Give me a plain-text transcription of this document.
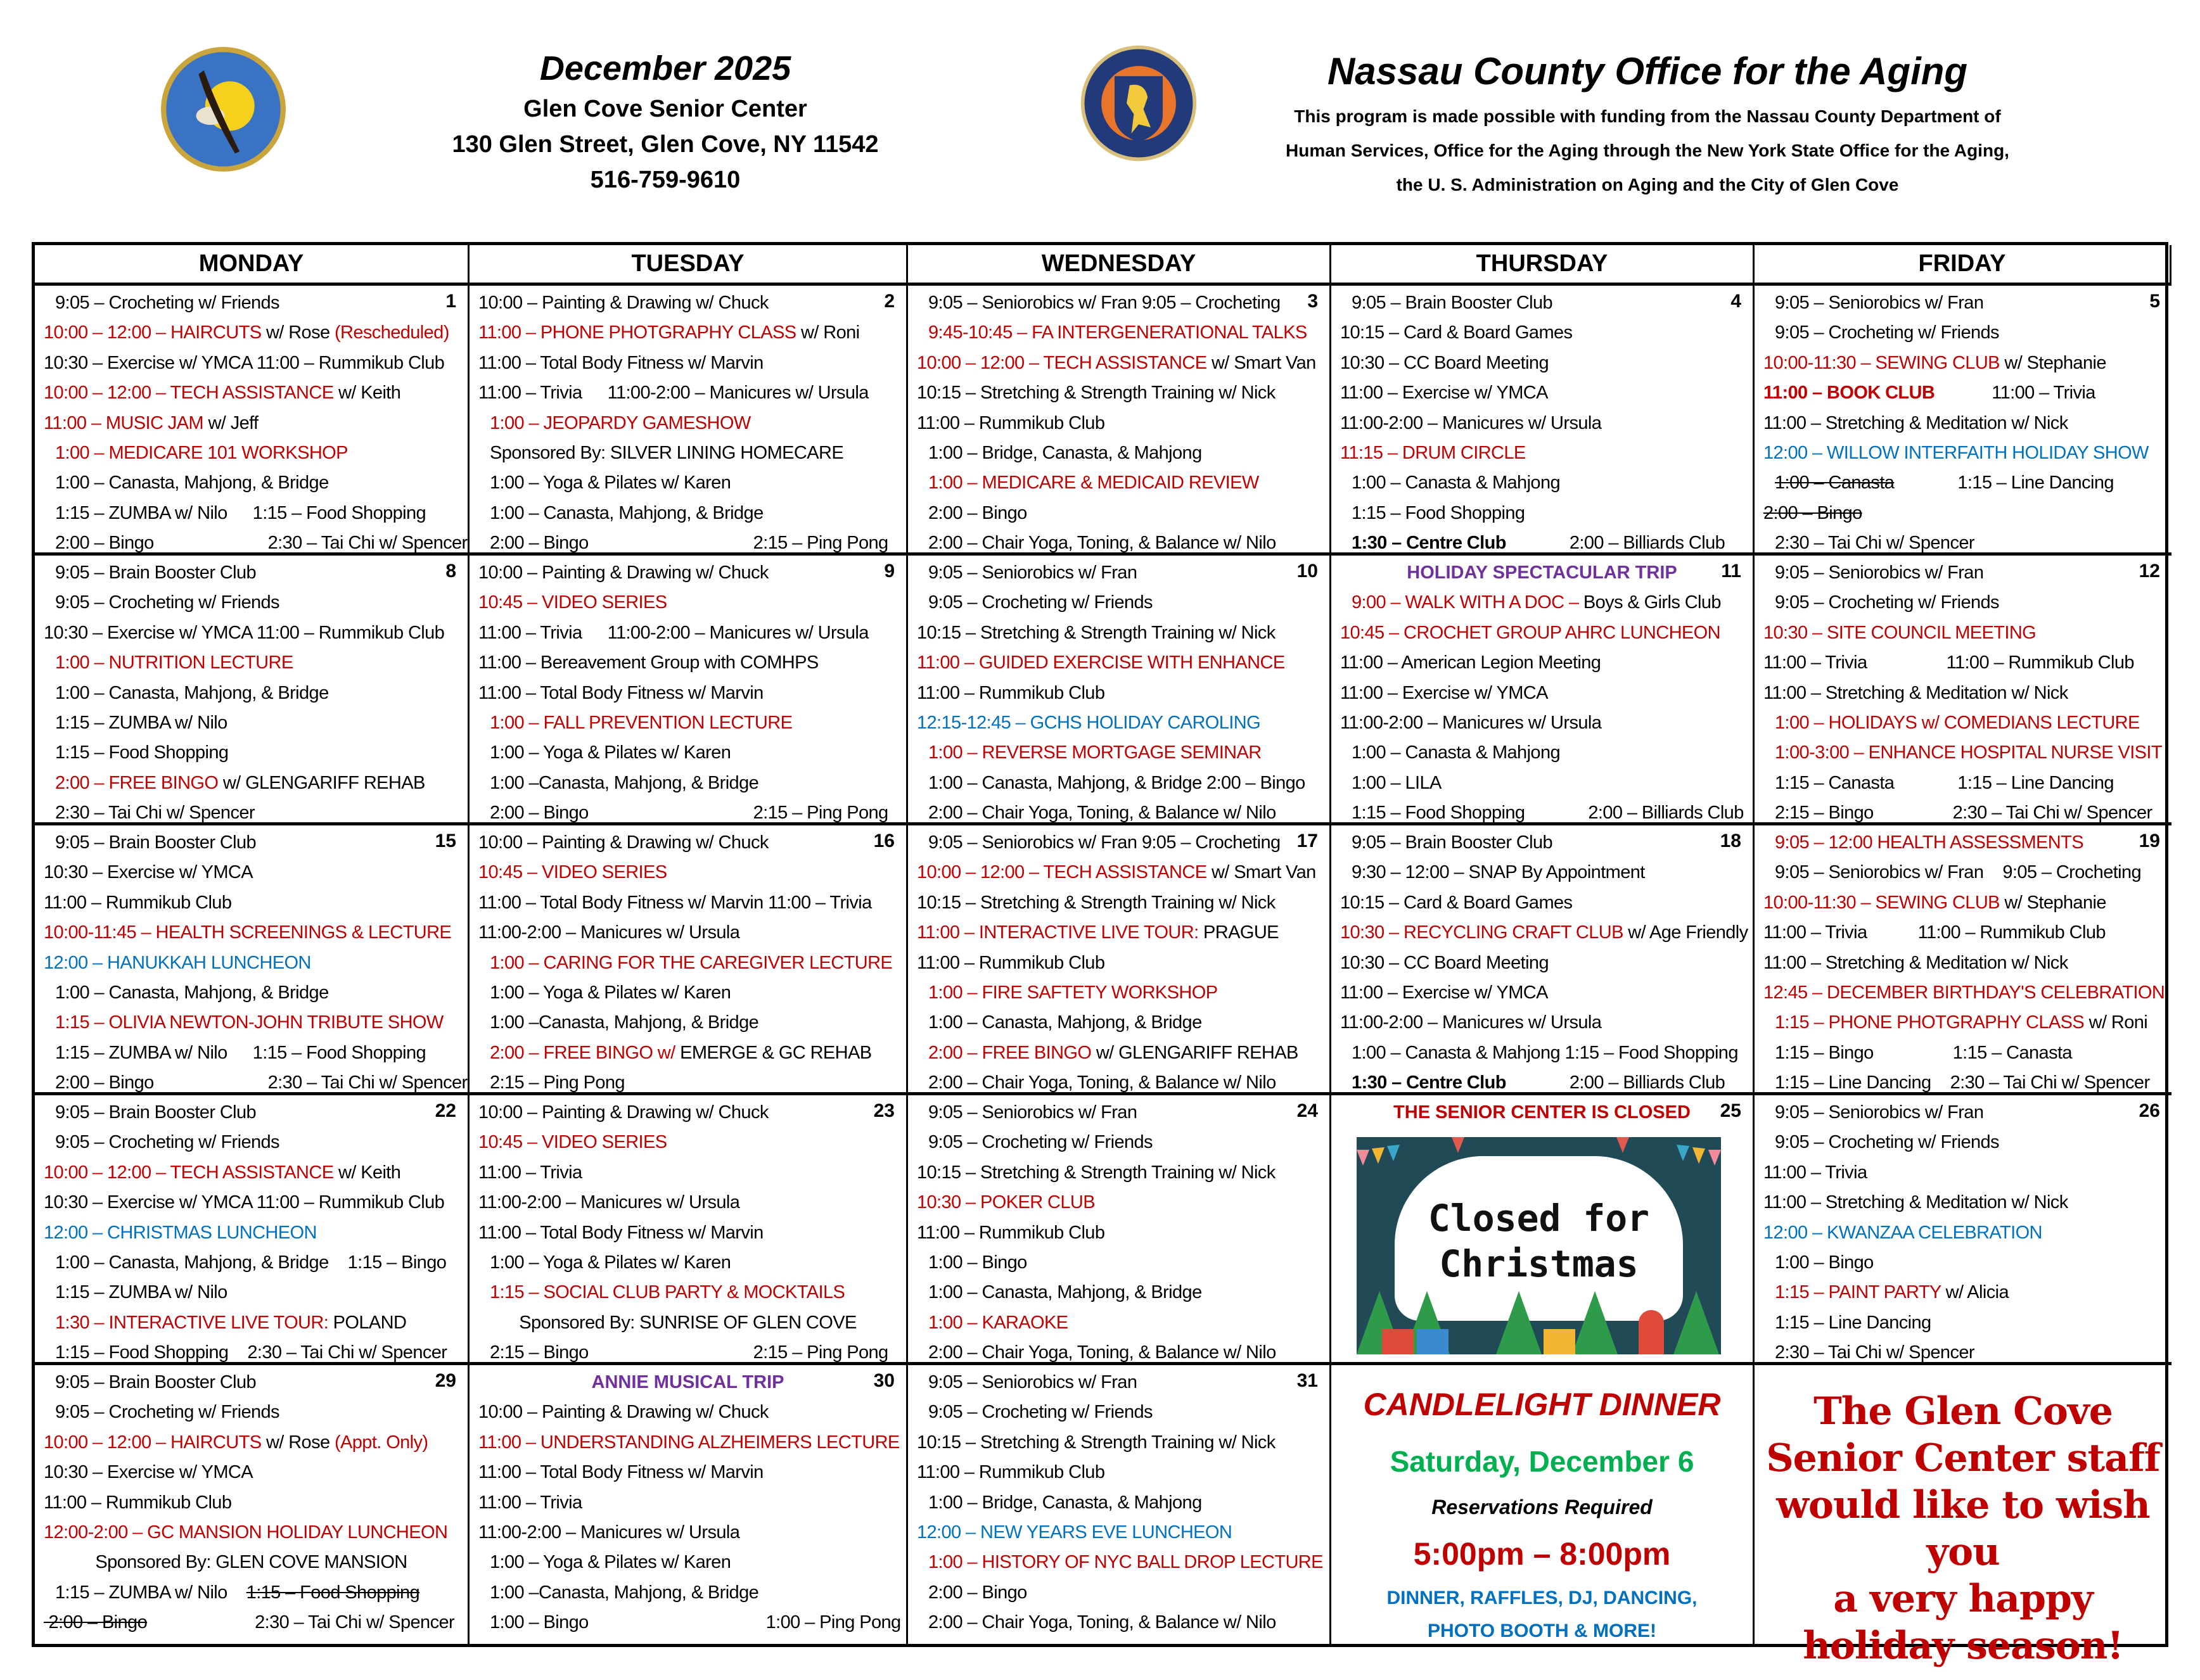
December 2025
Glen Cove Senior Center
130 Glen Street, Glen Cove, NY 11542
516-759-9610
Nassau County Office for the Aging
This program is made possible with funding from the Nassau County Department of
Human Services, Office for the Aging through the New York State Office for the Aging,
the U. S. Administration on Aging and the City of Glen Cove
MONDAY	TUESDAY	WEDNESDAY	THURSDAY	FRIDAY
1
9:05 – Crocheting w/ Friends
10:00 – 12:00 – HAIRCUTS w/ Rose (Rescheduled)
10:30 – Exercise w/ YMCA 11:00 – Rummikub Club
10:00 – 12:00 – TECH ASSISTANCE w/ Keith
11:00 – MUSIC JAM w/ Jeff
1:00 – MEDICARE 101 WORKSHOP
1:00 – Canasta, Mahjong, & Bridge
1:15 – ZUMBA w/ Nilo 1:15 – Food Shopping
2:00 – Bingo	2:30 – Tai Chi w/ Spencer
2
10:00 – Painting & Drawing w/ Chuck
11:00 – PHONE PHOTGRAPHY CLASS w/ Roni
11:00 – Total Body Fitness w/ Marvin
11:00 – Trivia 11:00-2:00 – Manicures w/ Ursula
1:00 – JEOPARDY GAMESHOW
Sponsored By: SILVER LINING HOMECARE
1:00 – Yoga & Pilates w/ Karen
1:00 – Canasta, Mahjong, & Bridge
2:00 – Bingo	2:15 – Ping Pong
3
9:05 – Seniorobics w/ Fran 9:05 – Crocheting
9:45-10:45 – FA INTERGENERATIONAL TALKS
10:00 – 12:00 – TECH ASSISTANCE w/ Smart Van
10:15 – Stretching & Strength Training w/ Nick
11:00 – Rummikub Club
1:00 – Bridge, Canasta, & Mahjong
1:00 – MEDICARE & MEDICAID REVIEW
2:00 – Bingo
2:00 – Chair Yoga, Toning, & Balance w/ Nilo
4
9:05 – Brain Booster Club
10:15 – Card & Board Games
10:30 – CC Board Meeting
11:00 – Exercise w/ YMCA
11:00-2:00 – Manicures w/ Ursula
11:15 – DRUM CIRCLE
1:00 – Canasta & Mahjong
1:15 – Food Shopping
1:30 – Centre Club	2:00 – Billiards Club
5
9:05 – Seniorobics w/ Fran
9:05 – Crocheting w/ Friends
10:00-11:30 – SEWING CLUB w/ Stephanie
11:00 – BOOK CLUB	11:00 – Trivia
11:00 – Stretching & Meditation w/ Nick
12:00 – WILLOW INTERFAITH HOLIDAY SHOW
1:00 – Canasta	1:15 – Line Dancing
2:00 – Bingo
2:30 – Tai Chi w/ Spencer
8
9:05 – Brain Booster Club
9:05 – Crocheting w/ Friends
10:30 – Exercise w/ YMCA 11:00 – Rummikub Club
1:00 – NUTRITION LECTURE
1:00 – Canasta, Mahjong, & Bridge
1:15 – ZUMBA w/ Nilo
1:15 – Food Shopping
2:00 – FREE BINGO w/ GLENGARIFF REHAB
2:30 – Tai Chi w/ Spencer
9
10:00 – Painting & Drawing w/ Chuck
10:45 – VIDEO SERIES
11:00 – Trivia 11:00-2:00 – Manicures w/ Ursula
11:00 – Bereavement Group with COMHPS
11:00 – Total Body Fitness w/ Marvin
1:00 – FALL PREVENTION LECTURE
1:00 – Yoga & Pilates w/ Karen
1:00 –Canasta, Mahjong, & Bridge
2:00 – Bingo	2:15 – Ping Pong
10
9:05 – Seniorobics w/ Fran
9:05 – Crocheting w/ Friends
10:15 – Stretching & Strength Training w/ Nick
11:00 – GUIDED EXERCISE WITH ENHANCE
11:00 – Rummikub Club
12:15-12:45 – GCHS HOLIDAY CAROLING
1:00 – REVERSE MORTGAGE SEMINAR
1:00 – Canasta, Mahjong, & Bridge 2:00 – Bingo
2:00 – Chair Yoga, Toning, & Balance w/ Nilo
11
HOLIDAY SPECTACULAR TRIP
9:00 – WALK WITH A DOC – Boys & Girls Club
10:45 – CROCHET GROUP AHRC LUNCHEON
11:00 – American Legion Meeting
11:00 – Exercise w/ YMCA
11:00-2:00 – Manicures w/ Ursula
1:00 – Canasta & Mahjong
1:00 – LILA
1:15 – Food Shopping	2:00 – Billiards Club
12
9:05 – Seniorobics w/ Fran
9:05 – Crocheting w/ Friends
10:30 – SITE COUNCIL MEETING
11:00 – Trivia	11:00 – Rummikub Club
11:00 – Stretching & Meditation w/ Nick
1:00 – HOLIDAYS w/ COMEDIANS LECTURE
1:00-3:00 – ENHANCE HOSPITAL NURSE VISIT
1:15 – Canasta	1:15 – Line Dancing
2:15 – Bingo	2:30 – Tai Chi w/ Spencer
15
9:05 – Brain Booster Club
10:30 – Exercise w/ YMCA
11:00 – Rummikub Club
10:00-11:45 – HEALTH SCREENINGS & LECTURE
12:00 – HANUKKAH LUNCHEON
1:00 – Canasta, Mahjong, & Bridge
1:15 – OLIVIA NEWTON-JOHN TRIBUTE SHOW
1:15 – ZUMBA w/ Nilo 1:15 – Food Shopping
2:00 – Bingo	2:30 – Tai Chi w/ Spencer
16
10:00 – Painting & Drawing w/ Chuck
10:45 – VIDEO SERIES
11:00 – Total Body Fitness w/ Marvin 11:00 – Trivia
11:00-2:00 – Manicures w/ Ursula
1:00 – CARING FOR THE CAREGIVER LECTURE
1:00 – Yoga & Pilates w/ Karen
1:00 –Canasta, Mahjong, & Bridge
2:00 – FREE BINGO w/ EMERGE & GC REHAB
2:15 – Ping Pong
17
9:05 – Seniorobics w/ Fran 9:05 – Crocheting
10:00 – 12:00 – TECH ASSISTANCE w/ Smart Van
10:15 – Stretching & Strength Training w/ Nick
11:00 – INTERACTIVE LIVE TOUR: PRAGUE
11:00 – Rummikub Club
1:00 – FIRE SAFTETY WORKSHOP
1:00 – Canasta, Mahjong, & Bridge
2:00 – FREE BINGO w/ GLENGARIFF REHAB
2:00 – Chair Yoga, Toning, & Balance w/ Nilo
18
9:05 – Brain Booster Club
9:30 – 12:00 – SNAP By Appointment
10:15 – Card & Board Games
10:30 – RECYCLING CRAFT CLUB w/ Age Friendly
10:30 – CC Board Meeting
11:00 – Exercise w/ YMCA
11:00-2:00 – Manicures w/ Ursula
1:00 – Canasta & Mahjong 1:15 – Food Shopping
1:30 – Centre Club	2:00 – Billiards Club
19
9:05 – 12:00 HEALTH ASSESSMENTS
9:05 – Seniorobics w/ Fran 9:05 – Crocheting
10:00-11:30 – SEWING CLUB w/ Stephanie
11:00 – Trivia	11:00 – Rummikub Club
11:00 – Stretching & Meditation w/ Nick
12:45 – DECEMBER BIRTHDAY'S CELEBRATION
1:15 – PHONE PHOTGRAPHY CLASS w/ Roni
1:15 – Bingo	1:15 – Canasta
1:15 – Line Dancing 2:30 – Tai Chi w/ Spencer
22
9:05 – Brain Booster Club
9:05 – Crocheting w/ Friends
10:00 – 12:00 – TECH ASSISTANCE w/ Keith
10:30 – Exercise w/ YMCA 11:00 – Rummikub Club
12:00 – CHRISTMAS LUNCHEON
1:00 – Canasta, Mahjong, & Bridge 1:15 – Bingo
1:15 – ZUMBA w/ Nilo
1:30 – INTERACTIVE LIVE TOUR: POLAND
1:15 – Food Shopping 2:30 – Tai Chi w/ Spencer
23
10:00 – Painting & Drawing w/ Chuck
10:45 – VIDEO SERIES
11:00 – Trivia
11:00-2:00 – Manicures w/ Ursula
11:00 – Total Body Fitness w/ Marvin
1:00 – Yoga & Pilates w/ Karen
1:15 – SOCIAL CLUB PARTY & MOCKTAILS
Sponsored By: SUNRISE OF GLEN COVE
2:15 – Bingo	2:15 – Ping Pong
24
9:05 – Seniorobics w/ Fran
9:05 – Crocheting w/ Friends
10:15 – Stretching & Strength Training w/ Nick
10:30 – POKER CLUB
11:00 – Rummikub Club
1:00 – Bingo
1:00 – Canasta, Mahjong, & Bridge
1:00 – KARAOKE
2:00 – Chair Yoga, Toning, & Balance w/ Nilo
25
THE SENIOR CENTER IS CLOSED
Closed for
Christmas
26
9:05 – Seniorobics w/ Fran
9:05 – Crocheting w/ Friends
11:00 – Trivia
11:00 – Stretching & Meditation w/ Nick
12:00 – KWANZAA CELEBRATION
1:00 – Bingo
1:15 – PAINT PARTY w/ Alicia
1:15 – Line Dancing
2:30 – Tai Chi w/ Spencer
29
9:05 – Brain Booster Club
9:05 – Crocheting w/ Friends
10:00 – 12:00 – HAIRCUTS w/ Rose (Appt. Only)
10:30 – Exercise w/ YMCA
11:00 – Rummikub Club
12:00-2:00 – GC MANSION HOLIDAY LUNCHEON
Sponsored By: GLEN COVE MANSION
1:15 – ZUMBA w/ Nilo 1:15 – Food Shopping
2:00 – Bingo	2:30 – Tai Chi w/ Spencer
30
ANNIE MUSICAL TRIP
10:00 – Painting & Drawing w/ Chuck
11:00 – UNDERSTANDING ALZHEIMERS LECTURE
11:00 – Total Body Fitness w/ Marvin
11:00 – Trivia
11:00-2:00 – Manicures w/ Ursula
1:00 – Yoga & Pilates w/ Karen
1:00 –Canasta, Mahjong, & Bridge
1:00 – Bingo	1:00 – Ping Pong
31
9:05 – Seniorobics w/ Fran
9:05 – Crocheting w/ Friends
10:15 – Stretching & Strength Training w/ Nick
11:00 – Rummikub Club
1:00 – Bridge, Canasta, & Mahjong
12:00 – NEW YEARS EVE LUNCHEON
1:00 – HISTORY OF NYC BALL DROP LECTURE
2:00 – Bingo
2:00 – Chair Yoga, Toning, & Balance w/ Nilo
CANDLELIGHT DINNER
Saturday, December 6
Reservations Required
5:00pm – 8:00pm
DINNER, RAFFLES, DJ, DANCING,
PHOTO BOOTH & MORE!
The Glen Cove
Senior Center staff
would like to wish you
a very happy
holiday season!
